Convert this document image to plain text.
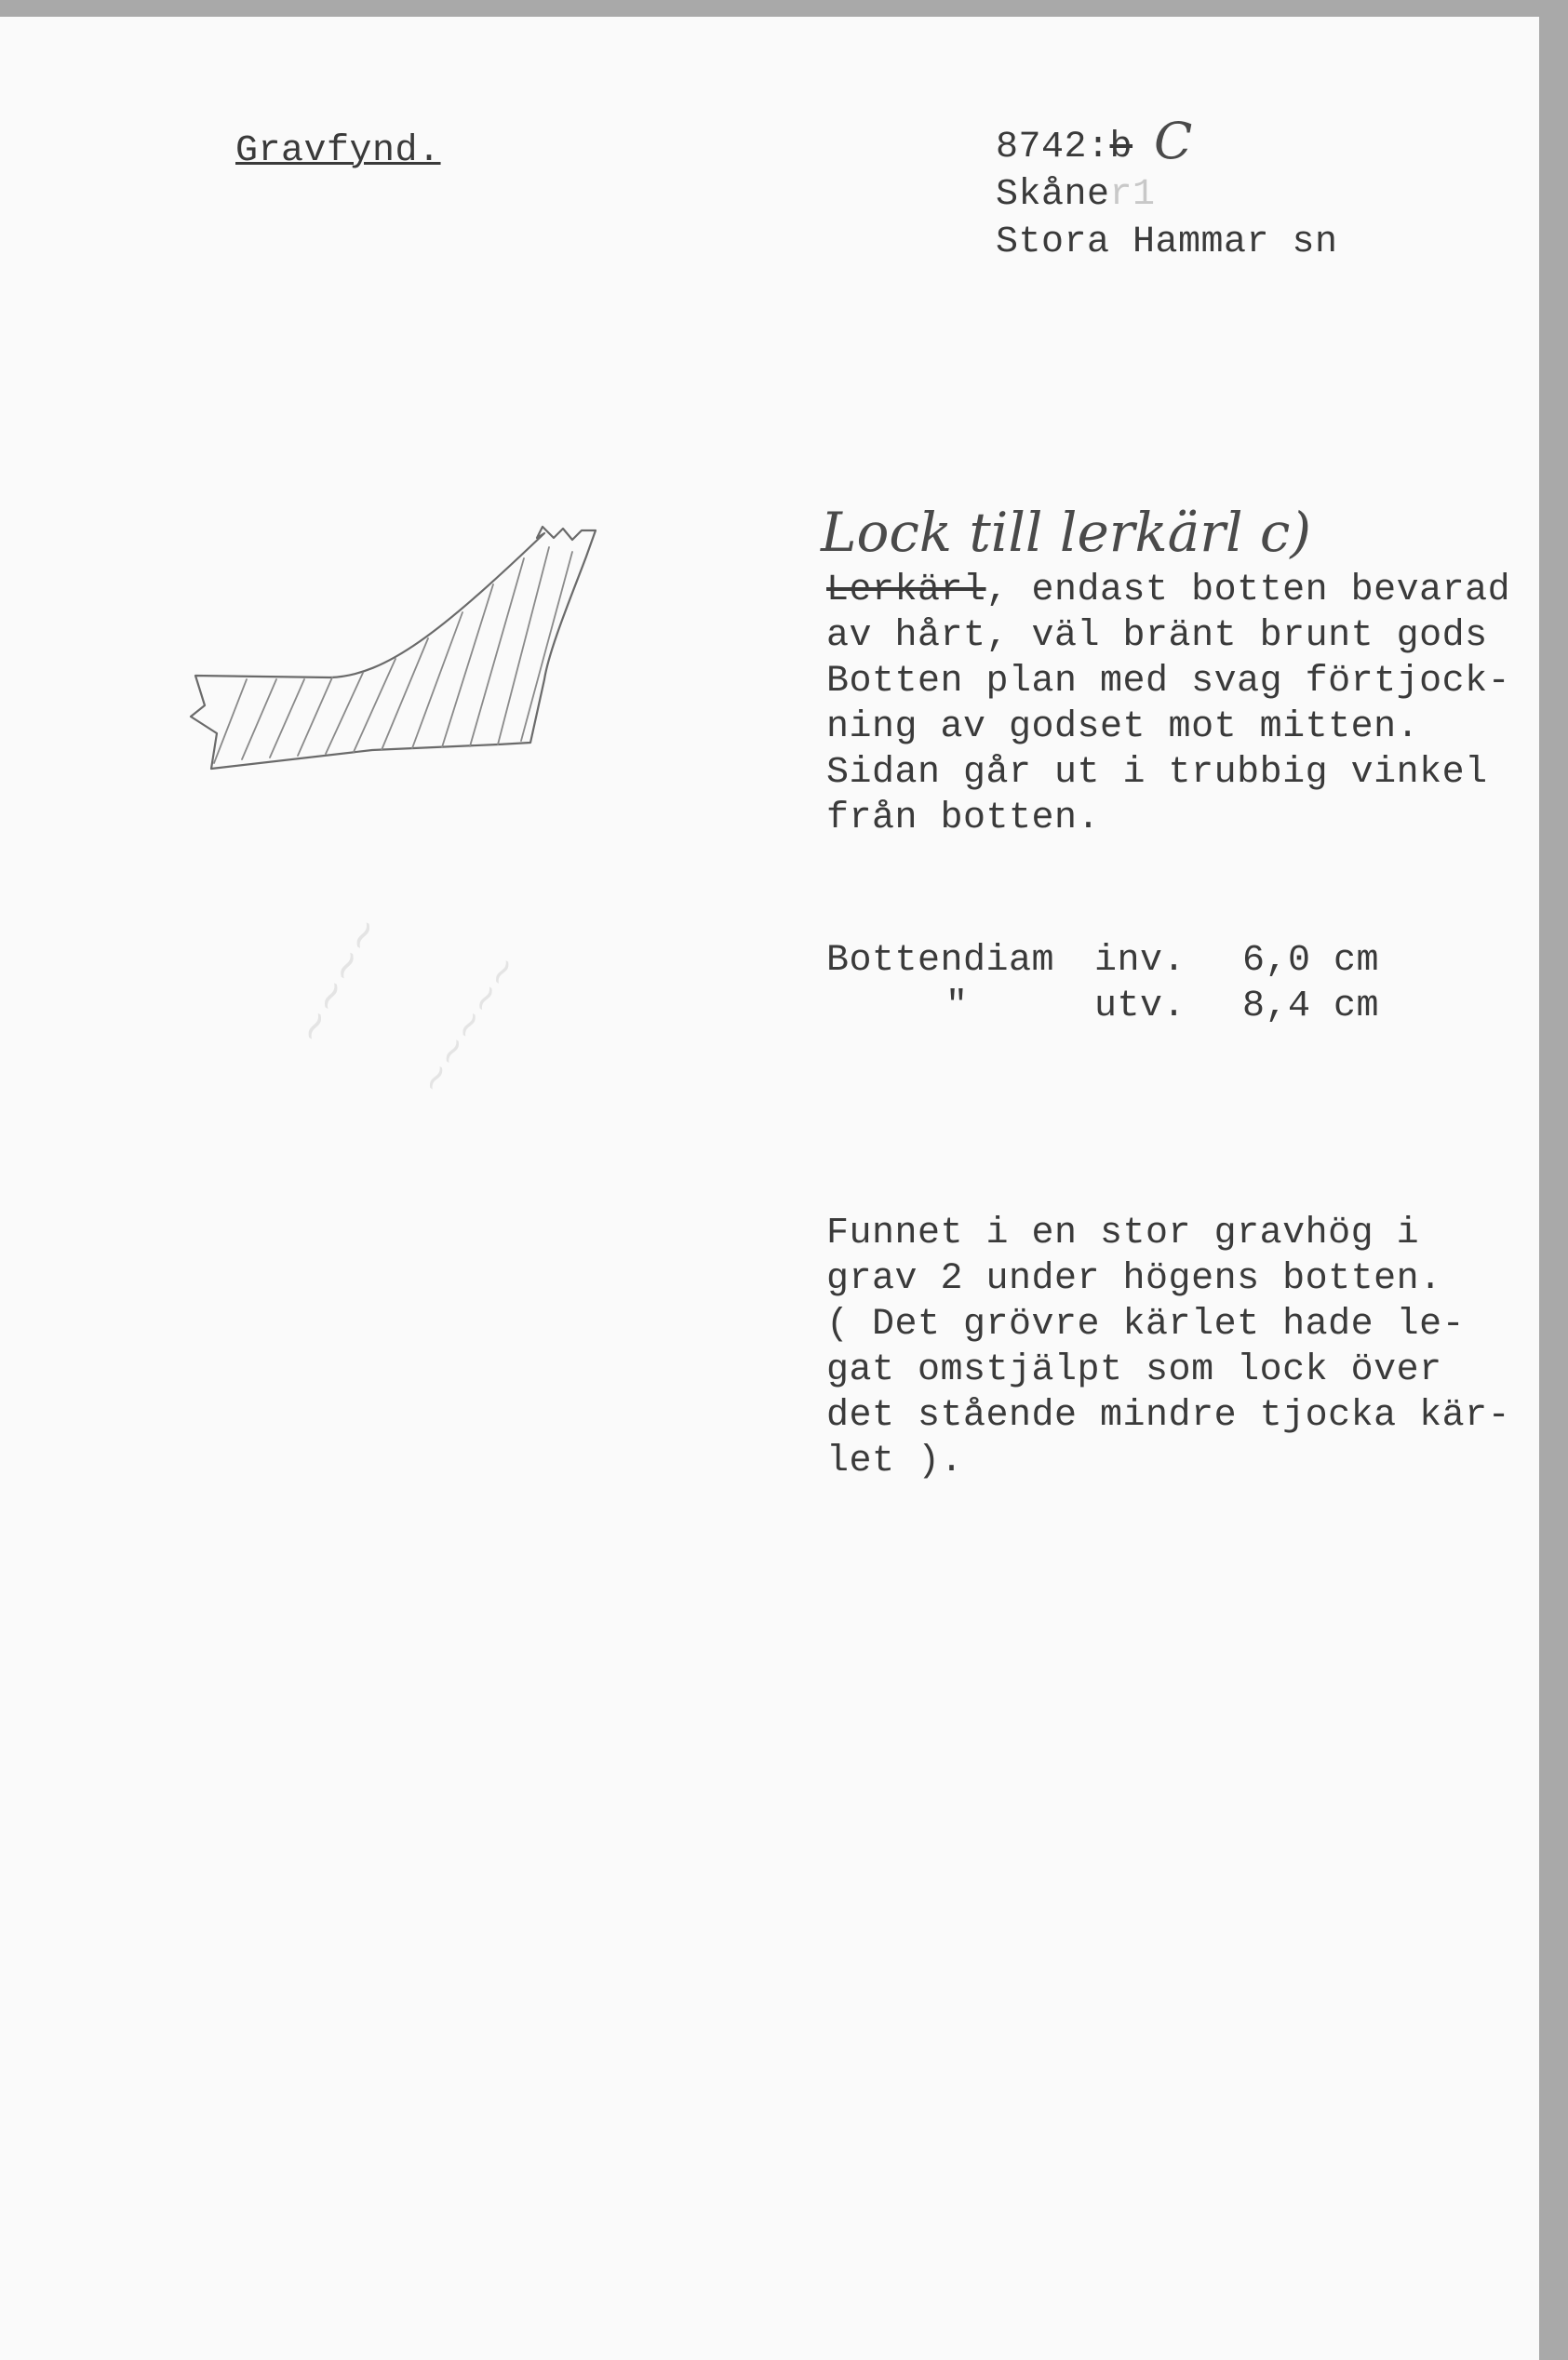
~~~~ ~~~~~

Gravfynd.	8742:b C

Skåner1

Stora Hammar sn

Lock till lerkärl c)

Lerkärl, endast botten bevarad

av hårt, väl bränt brunt gods

Botten plan med svag förtjock-

ning av godset mot mitten.

Sidan går ut i trubbig vinkel

från botten.

Bottendiam inv. 6,0 cm

"	utv. 8,4 cm

Funnet i en stor gravhög i

grav 2 under högens botten.

( Det grövre kärlet hade le-

gat omstjälpt som lock över

det stående mindre tjocka kär-

let ).
